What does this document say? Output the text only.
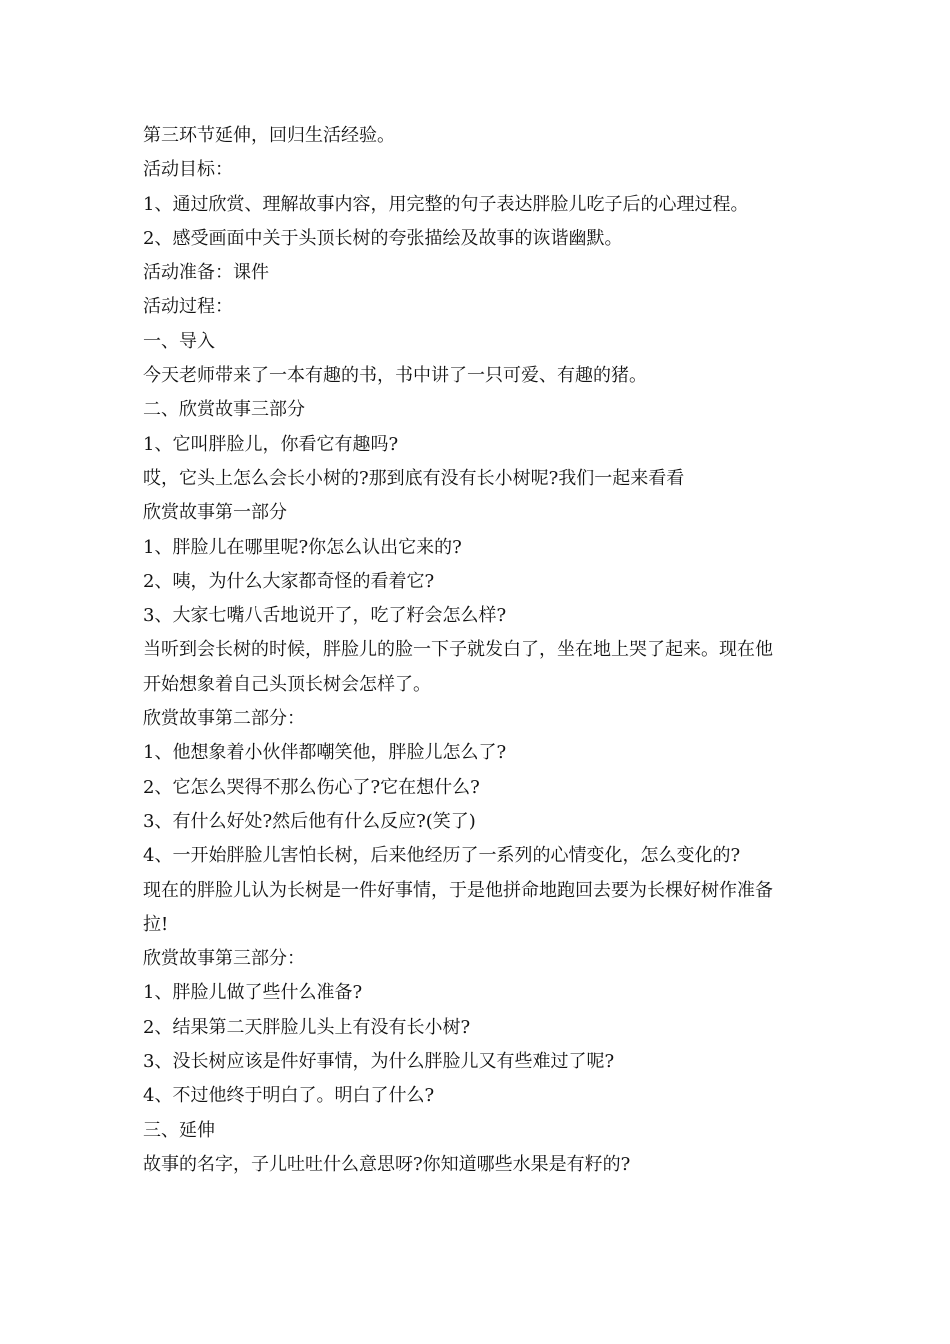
第三环节延伸，回归生活经验。
活动目标：
1、通过欣赏、理解故事内容，用完整的句子表达胖脸儿吃子后的心理过程。
2、感受画面中关于头顶长树的夸张描绘及故事的诙谐幽默。
活动准备：课件
活动过程：
一、导入
今天老师带来了一本有趣的书，书中讲了一只可爱、有趣的猪。
二、欣赏故事三部分
1、它叫胖脸儿，你看它有趣吗?
哎，它头上怎么会长小树的?那到底有没有长小树呢?我们一起来看看
欣赏故事第一部分
1、胖脸儿在哪里呢?你怎么认出它来的?
2、咦，为什么大家都奇怪的看着它?
3、大家七嘴八舌地说开了，吃了籽会怎么样?
当听到会长树的时候，胖脸儿的脸一下子就发白了，坐在地上哭了起来。现在他
开始想象着自己头顶长树会怎样了。
欣赏故事第二部分：
1、他想象着小伙伴都嘲笑他，胖脸儿怎么了?
2、它怎么哭得不那么伤心了?它在想什么?
3、有什么好处?然后他有什么反应?(笑了)
4、一开始胖脸儿害怕长树，后来他经历了一系列的心情变化，怎么变化的?
现在的胖脸儿认为长树是一件好事情，于是他拼命地跑回去要为长棵好树作准备
拉!
欣赏故事第三部分：
1、胖脸儿做了些什么准备?
2、结果第二天胖脸儿头上有没有长小树?
3、没长树应该是件好事情，为什么胖脸儿又有些难过了呢?
4、不过他终于明白了。明白了什么?
三、延伸
故事的名字，子儿吐吐什么意思呀?你知道哪些水果是有籽的?
